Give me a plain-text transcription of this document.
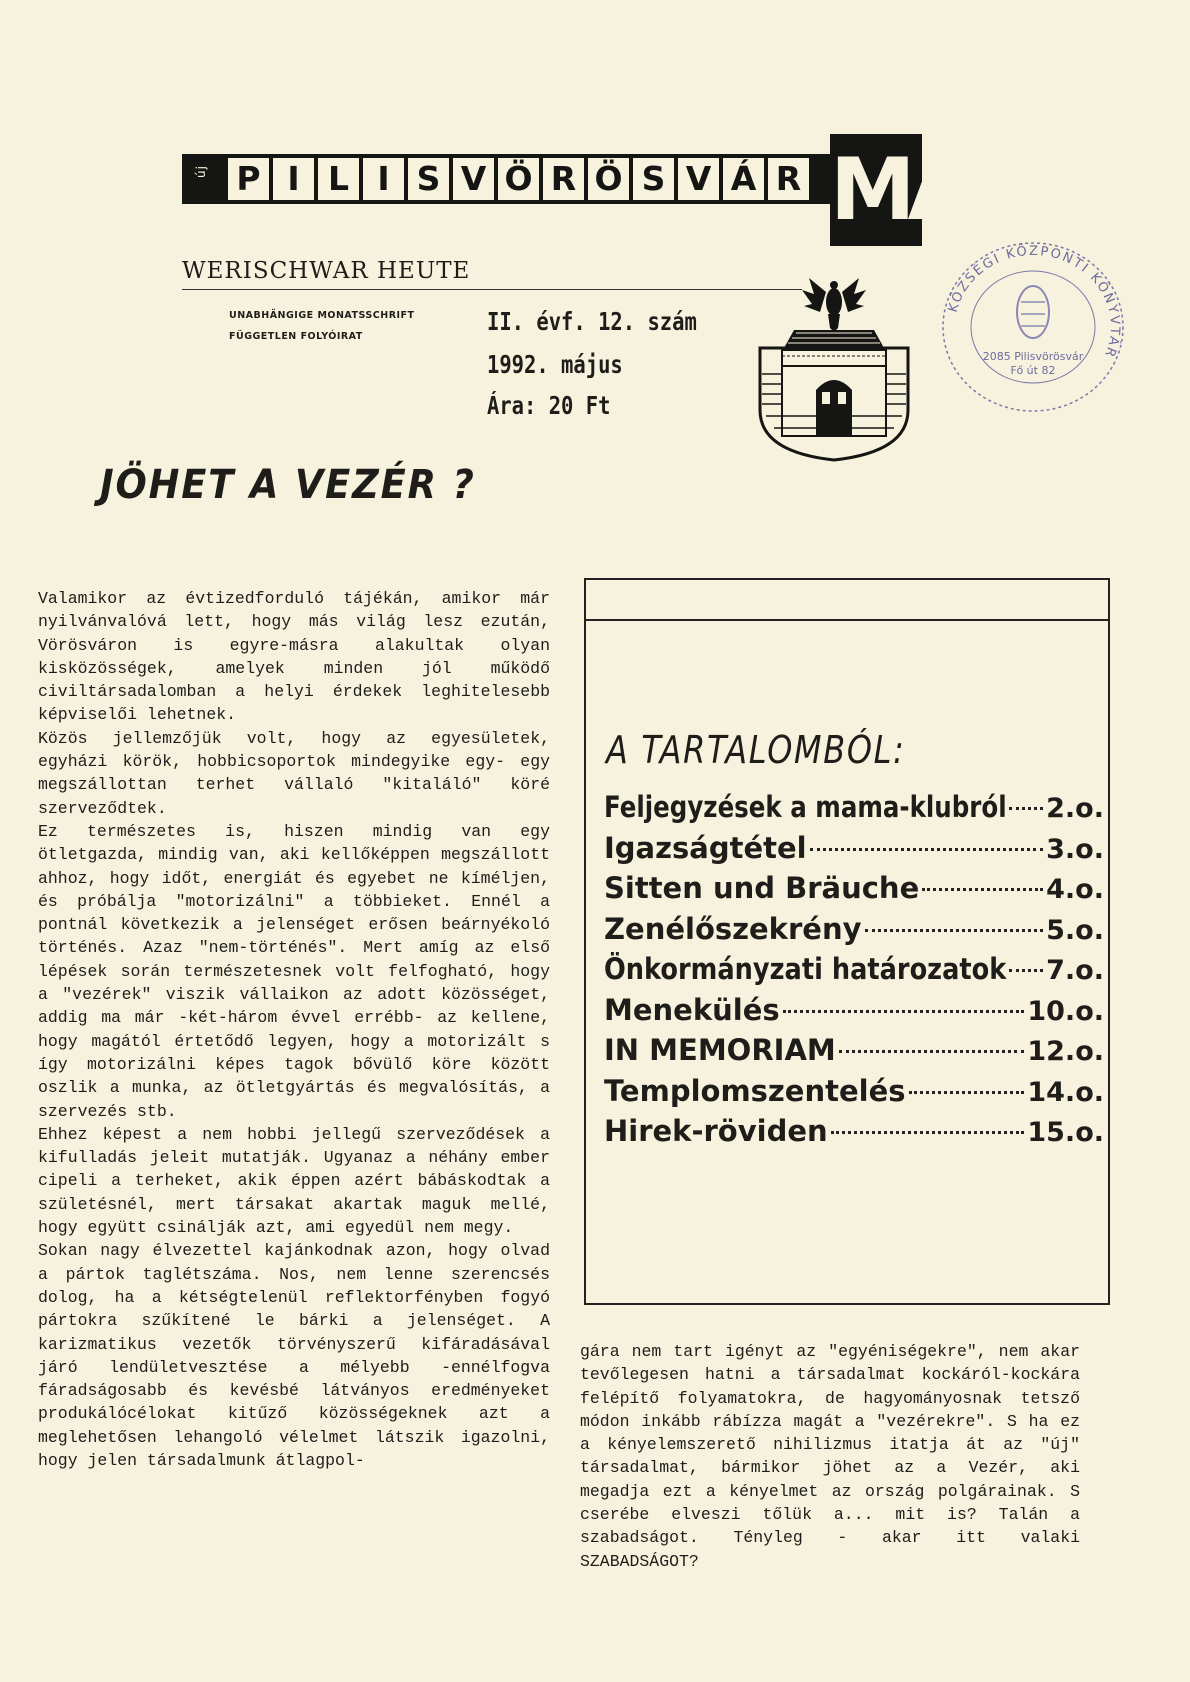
új P I L I S V Ö R Ö S V Á R MA
WERISCHWAR HEUTE
UNABHÄNGIGE MONATSSCHRIFT
FÜGGETLEN FOLYÓIRAT
II. évf. 12. szám
1992. május
Ára: 20 Ft
KÖZSÉGI KÖZPONTI KÖNYVTÁR
2085 Pilisvörösvár
Fő út 82
JÖHET A VEZÉR ?

Valamikor az évtizedforduló tájékán, amikor már nyilvánvalóvá lett, hogy más világ lesz ezután, Vörösváron is egyre-másra alakultak olyan kisközösségek, amelyek minden jól működő civiltársadalomban a helyi érdekek leghitelesebb képviselői lehetnek.

Közös jellemzőjük volt, hogy az egyesületek, egyházi körök, hobbicsoportok mindegyike egy- egy megszállottan terhet vállaló "kitaláló" köré szerveződtek.

Ez természetes is, hiszen mindig van egy ötletgazda, mindig van, aki kellőképpen megszállott ahhoz, hogy időt, energiát és egyebet ne kíméljen, és próbálja "motorizálni" a többieket. Ennél a pontnál következik a jelenséget erősen beárnyékoló történés. Azaz "nem-történés". Mert amíg az első lépések során természetesnek volt felfogható, hogy a "vezérek" viszik vállaikon az adott közösséget, addig ma már -két-három évvel errébb- az kellene, hogy magától értetődő legyen, hogy a motorizált s így motorizálni képes tagok bővülő köre között oszlik a munka, az ötletgyártás és megvalósítás, a szervezés stb.

Ehhez képest a nem hobbi jellegű szerveződések a kifulladás jeleit mutatják. Ugyanaz a néhány ember cipeli a terheket, akik éppen azért bábáskodtak a születésnél, mert társakat akartak maguk mellé, hogy együtt csinálják azt, ami egyedül nem megy.

Sokan nagy élvezettel kajánkodnak azon, hogy olvad a pártok taglétszáma. Nos, nem lenne szerencsés dolog, ha a kétségtelenül reflektorfényben fogyó pártokra szűkítené le bárki a jelenséget. A karizmatikus vezetők törvényszerű kifáradásával járó lendületvesztése a mélyebb -ennélfogva fáradságosabb és kevésbé látványos eredményeket produkálócélokat kitűző közösségeknek azt a meglehetősen lehangoló vélelmet látszik igazolni, hogy jelen társadalmunk átlagpol-

A TARTALOMBÓL:
Feljegyzések a mama-klubról 2.o.
Igazságtétel	3.o.
Sitten und Bräuche	4.o.
Zenélőszekrény	5.o.
Önkormányzati határozatok 7.o.
Menekülés	10.o.
IN MEMORIAM	12.o.
Templomszentelés	14.o.
Hirek-röviden	15.o.

gára nem tart igényt az "egyéniségekre", nem akar tevőlegesen hatni a társadalmat kockáról-kockára felépítő folyamatokra, de hagyományosnak tetsző módon inkább rábízza magát a "vezérekre". S ha ez a kényelemszerető nihilizmus itatja át az "új" társadalmat, bármikor jöhet az a Vezér, aki megadja ezt a kényelmet az ország polgárainak. S cserébe elveszi tőlük a... mit is? Talán a szabadságot. Tényleg - akar itt valaki SZABADSÁGOT?
